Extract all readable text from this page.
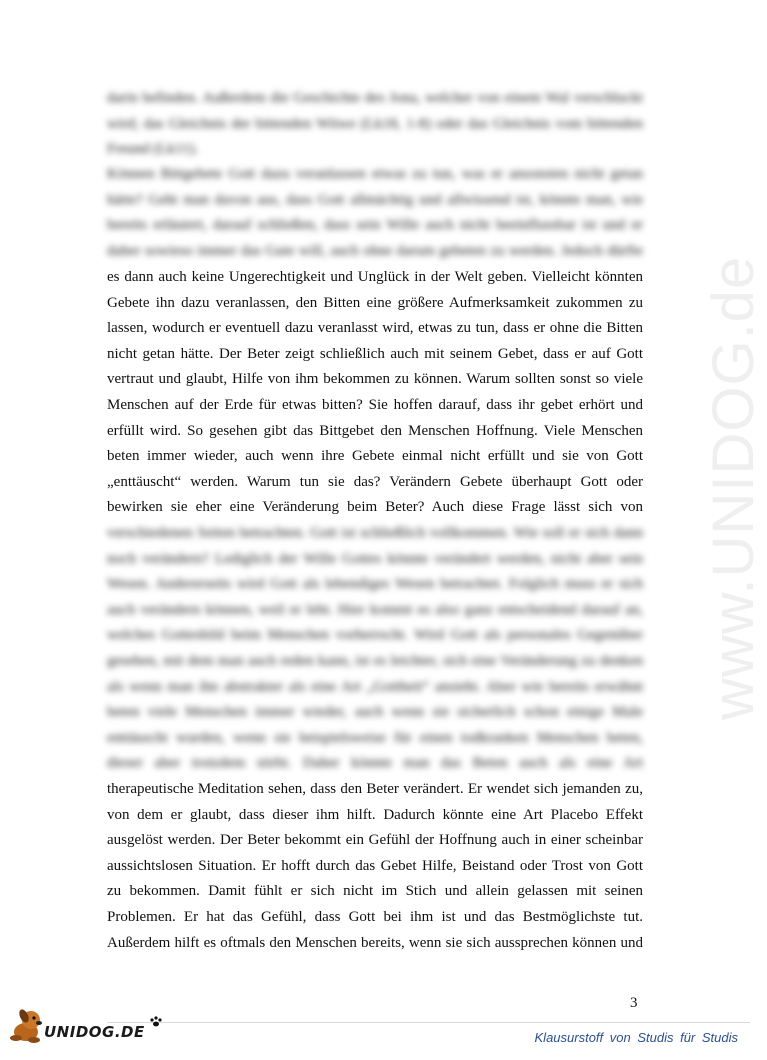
www.UNIDOG.de
darin befinden. Außerdem die Geschichte des Jona, welcher von einem Wal verschluckt
wird; das Gleichnis der bittenden Witwe (Lk18, 1-8) oder das Gleichnis vom bittenden
Freund (Lk11).
Können Bittgebete Gott dazu veranlassen etwas zu tun, was er ansonsten nicht getan
hätte? Geht man davon aus, dass Gott allmächtig und allwissend ist, könnte man, wie
bereits erläutert, darauf schließen, dass sein Wille auch nicht beeinflussbar ist und er
daher sowieso immer das Gute will, auch ohne darum gebeten zu werden. Jedoch dürfte
es dann auch keine Ungerechtigkeit und Unglück in der Welt geben. Vielleicht könnten
Gebete ihn dazu veranlassen, den Bitten eine größere Aufmerksamkeit zukommen zu
lassen, wodurch er eventuell dazu veranlasst wird, etwas zu tun, dass er ohne die Bitten
nicht getan hätte. Der Beter zeigt schließlich auch mit seinem Gebet, dass er auf Gott
vertraut und glaubt, Hilfe von ihm bekommen zu können. Warum sollten sonst so viele
Menschen auf der Erde für etwas bitten? Sie hoffen darauf, dass ihr gebet erhört und
erfüllt wird. So gesehen gibt das Bittgebet den Menschen Hoffnung. Viele Menschen
beten immer wieder, auch wenn ihre Gebete einmal nicht erfüllt und sie von Gott
„enttäuscht“ werden. Warum tun sie das? Verändern Gebete überhaupt Gott oder
bewirken sie eher eine Veränderung beim Beter? Auch diese Frage lässt sich von
verschiedenen Seiten betrachten. Gott ist schließlich vollkommen. Wie soll er sich dann
noch verändern? Lediglich der Wille Gottes könnte verändert werden, nicht aber sein
Wesen. Andererseits wird Gott als lebendiges Wesen betrachtet. Folglich muss er sich
auch verändern können, weil er lebt. Hier kommt es also ganz entscheidend darauf an,
welches Gottesbild beim Menschen vorherrscht. Wird Gott als personales Gegenüber
gesehen, mit dem man auch reden kann, ist es leichter, sich eine Veränderung zu denken
als wenn man ihn abstrakter als eine Art „Gottheit“ ansieht. Aber wie bereits erwähnt
beten viele Menschen immer wieder, auch wenn sie sicherlich schon einige Male
enttäuscht wurden, wenn sie beispielsweise für einen todkranken Menschen beten,
dieser aber trotzdem stirbt. Daher könnte man das Beten auch als eine Art
therapeutische Meditation sehen, dass den Beter verändert. Er wendet sich jemanden zu,
von dem er glaubt, dass dieser ihm hilft. Dadurch könnte eine Art Placebo Effekt
ausgelöst werden. Der Beter bekommt ein Gefühl der Hoffnung auch in einer scheinbar
aussichtslosen Situation. Er hofft durch das Gebet Hilfe, Beistand oder Trost von Gott
zu bekommen. Damit fühlt er sich nicht im Stich und allein gelassen mit seinen
Problemen. Er hat das Gefühl, dass Gott bei ihm ist und das Bestmöglichste tut.
Außerdem hilft es oftmals den Menschen bereits, wenn sie sich aussprechen können und
3
UNIDOG.DE	Klausurstoff von Studis für Studis
